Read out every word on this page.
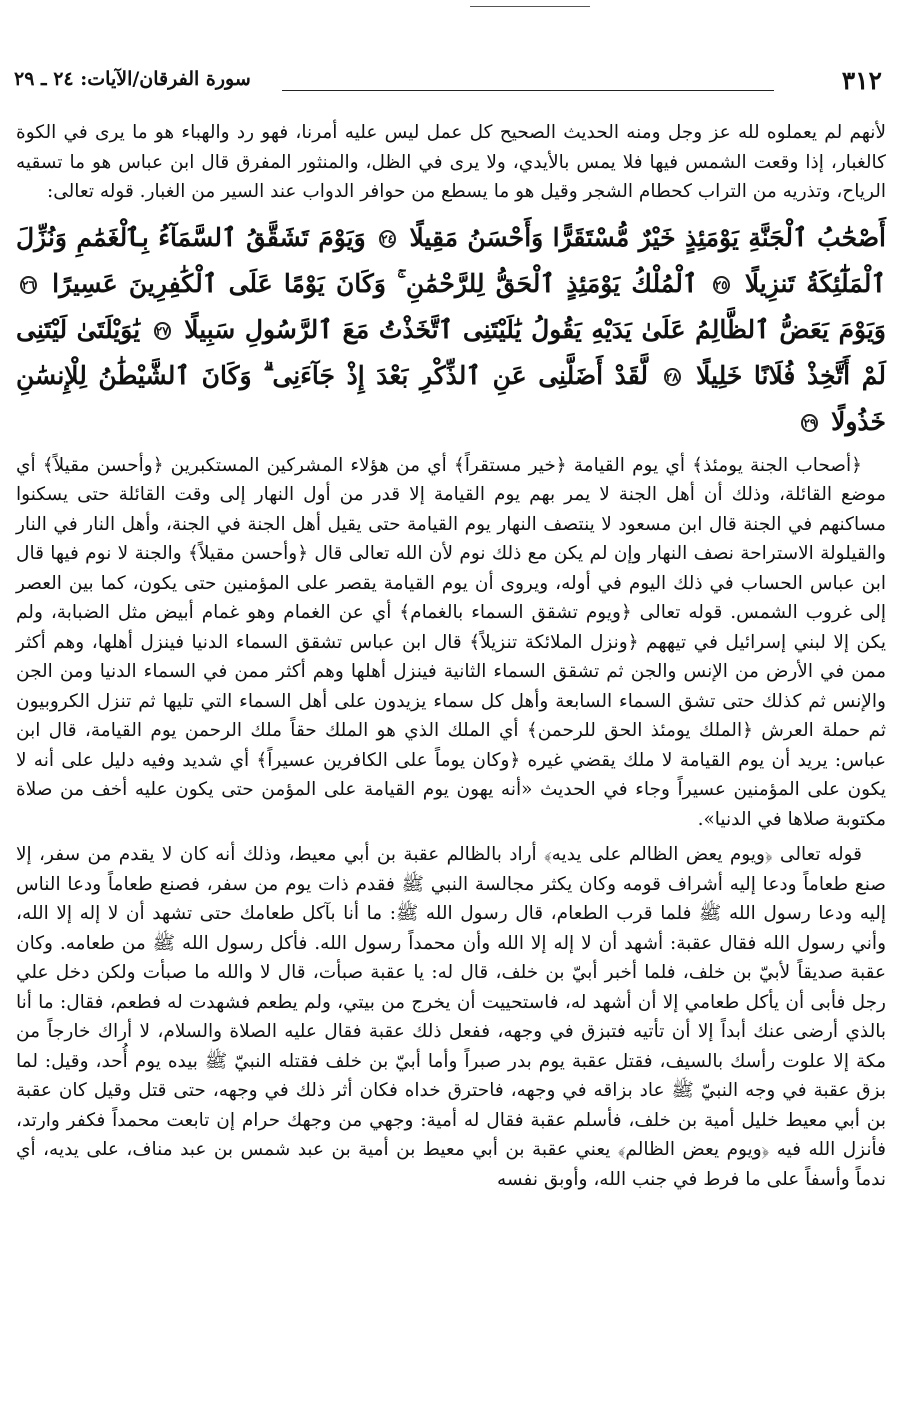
٣١٢
سورة الفرقان/الآيات: ٢٤ ـ ٢٩

لأنهم لم يعملوه لله عز وجل ومنه الحديث الصحيح كل عمل ليس عليه أمرنا، فهو رد والهباء هو ما يرى في الكوة كالغبار، إذا وقعت الشمس فيها فلا يمس بالأيدي، ولا يرى في الظل، والمنثور المفرق قال ابن عباس هو ما تسقيه الرياح، وتذريه من التراب كحطام الشجر وقيل هو ما يسطع من حوافر الدواب عند السير من الغبار. قوله تعالى:

أَصْحَٰبُ ٱلْجَنَّةِ يَوْمَئِذٍ خَيْرٌ مُّسْتَقَرًّا وَأَحْسَنُ مَقِيلًا ٢٤ وَيَوْمَ تَشَقَّقُ ٱلسَّمَآءُ بِٱلْغَمَٰمِ وَنُزِّلَ ٱلْمَلَٰٓئِكَةُ تَنزِيلًا ٢٥ ٱلْمُلْكُ يَوْمَئِذٍ ٱلْحَقُّ لِلرَّحْمَٰنِ ۚ وَكَانَ يَوْمًا عَلَى ٱلْكَٰفِرِينَ عَسِيرًا ٢٦ وَيَوْمَ يَعَضُّ ٱلظَّالِمُ عَلَىٰ يَدَيْهِ يَقُولُ يَٰلَيْتَنِى ٱتَّخَذْتُ مَعَ ٱلرَّسُولِ سَبِيلًا ٢٧ يَٰوَيْلَتَىٰ لَيْتَنِى لَمْ أَتَّخِذْ فُلَانًا خَلِيلًا ٢٨ لَّقَدْ أَضَلَّنِى عَنِ ٱلذِّكْرِ بَعْدَ إِذْ جَآءَنِى ۗ وَكَانَ ٱلشَّيْطَٰنُ لِلْإِنسَٰنِ خَذُولًا ٢٩

﴿أصحاب الجنة يومئذ﴾ أي يوم القيامة ﴿خير مستقراً﴾ أي من هؤلاء المشركين المستكبرين ﴿وأحسن مقيلاً﴾ أي موضع القائلة، وذلك أن أهل الجنة لا يمر بهم يوم القيامة إلا قدر من أول النهار إلى وقت القائلة حتى يسكنوا مساكنهم في الجنة قال ابن مسعود لا ينتصف النهار يوم القيامة حتى يقيل أهل الجنة في الجنة، وأهل النار في النار والقيلولة الاستراحة نصف النهار وإن لم يكن مع ذلك نوم لأن الله تعالى قال ﴿وأحسن مقيلاً﴾ والجنة لا نوم فيها قال ابن عباس الحساب في ذلك اليوم في أوله، ويروى أن يوم القيامة يقصر على المؤمنين حتى يكون، كما بين العصر إلى غروب الشمس. قوله تعالى ﴿ويوم تشقق السماء بالغمام﴾ أي عن الغمام وهو غمام أبيض مثل الضبابة، ولم يكن إلا لبني إسرائيل في تيههم ﴿ونزل الملائكة تنزيلاً﴾ قال ابن عباس تشقق السماء الدنيا فينزل أهلها، وهم أكثر ممن في الأرض من الإنس والجن ثم تشقق السماء الثانية فينزل أهلها وهم أكثر ممن في السماء الدنيا ومن الجن والإنس ثم كذلك حتى تشق السماء السابعة وأهل كل سماء يزيدون على أهل السماء التي تليها ثم تنزل الكروبيون ثم حملة العرش ﴿الملك يومئذ الحق للرحمن﴾ أي الملك الذي هو الملك حقاً ملك الرحمن يوم القيامة، قال ابن عباس: يريد أن يوم القيامة لا ملك يقضي غيره ﴿وكان يوماً على الكافرين عسيراً﴾ أي شديد وفيه دليل على أنه لا يكون على المؤمنين عسيراً وجاء في الحديث «أنه يهون يوم القيامة على المؤمن حتى يكون عليه أخف من صلاة مكتوبة صلاها في الدنيا».

قوله تعالى ﴿ويوم يعض الظالم على يديه﴾ أراد بالظالم عقبة بن أبي معيط، وذلك أنه كان لا يقدم من سفر، إلا صنع طعاماً ودعا إليه أشراف قومه وكان يكثر مجالسة النبي ﷺ فقدم ذات يوم من سفر، فصنع طعاماً ودعا الناس إليه ودعا رسول الله ﷺ فلما قرب الطعام، قال رسول الله ﷺ: ما أنا بآكل طعامك حتى تشهد أن لا إله إلا الله، وأني رسول الله فقال عقبة: أشهد أن لا إله إلا الله وأن محمداً رسول الله. فأكل رسول الله ﷺ من طعامه. وكان عقبة صديقاً لأبيّ بن خلف، فلما أخبر أبيّ بن خلف، قال له: يا عقبة صبأت، قال لا والله ما صبأت ولكن دخل علي رجل فأبى أن يأكل طعامي إلا أن أشهد له، فاستحييت أن يخرج من بيتي، ولم يطعم فشهدت له فطعم، فقال: ما أنا بالذي أرضى عنك أبداً إلا أن تأتيه فتبزق في وجهه، ففعل ذلك عقبة فقال عليه الصلاة والسلام، لا أراك خارجاً من مكة إلا علوت رأسك بالسيف، فقتل عقبة يوم بدر صبراً وأما أبيّ بن خلف فقتله النبيّ ﷺ بيده يوم أُحد، وقيل: لما بزق عقبة في وجه النبيّ ﷺ عاد بزاقه في وجهه، فاحترق خداه فكان أثر ذلك في وجهه، حتى قتل وقيل كان عقبة بن أبي معيط خليل أمية بن خلف، فأسلم عقبة فقال له أمية: وجهي من وجهك حرام إن تابعت محمداً فكفر وارتد، فأنزل الله فيه ﴿ويوم يعض الظالم﴾ يعني عقبة بن أبي معيط بن أمية بن عبد شمس بن عبد مناف، على يديه، أي ندماً وأسفاً على ما فرط في جنب الله، وأوبق نفسه
